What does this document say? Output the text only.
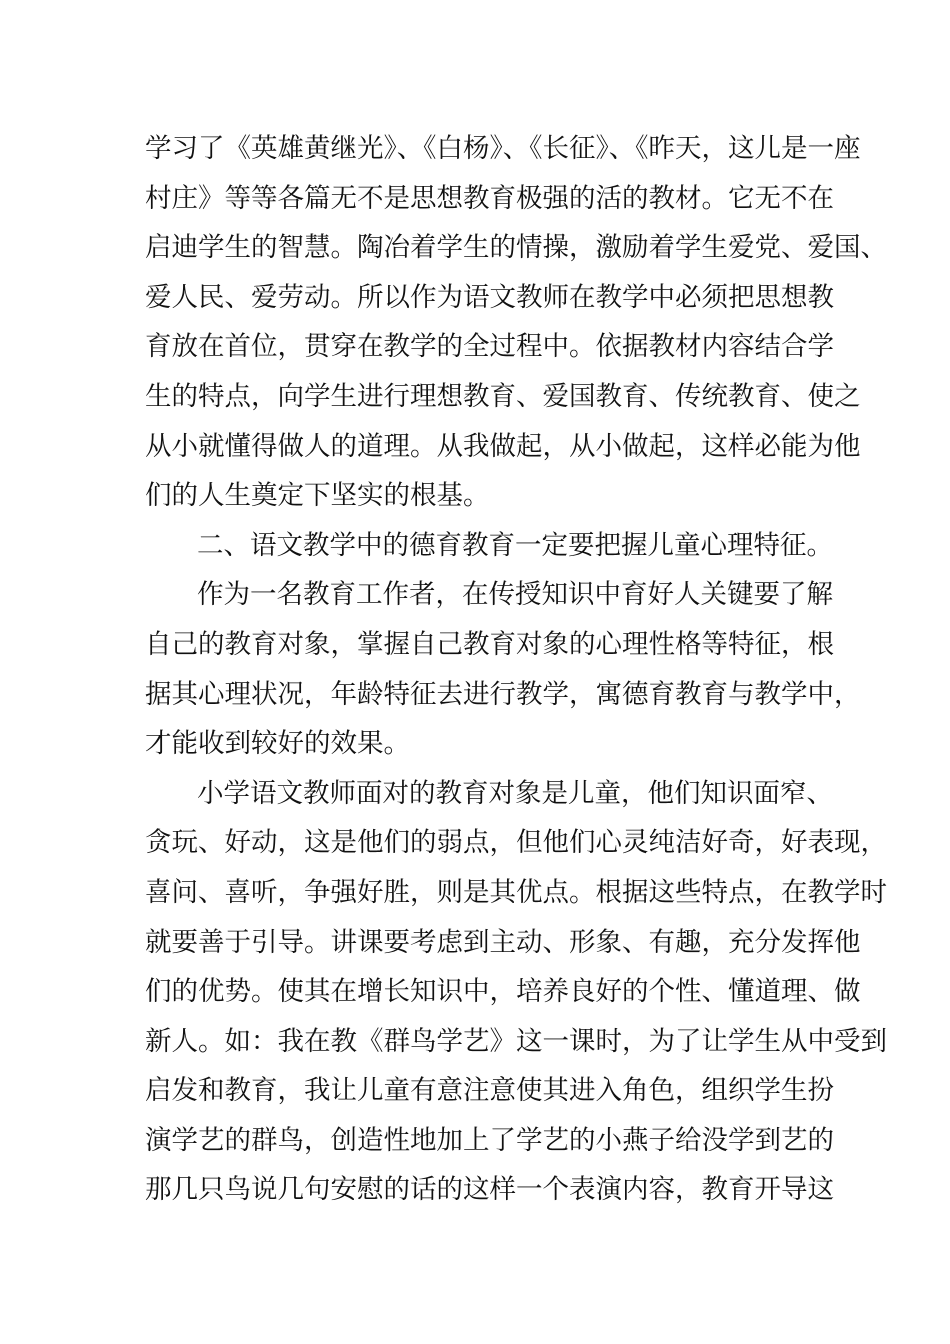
学习了《英雄黄继光》、《白杨》、《长征》、《昨天，这儿是一座
村庄》等等各篇无不是思想教育极强的活的教材。它无不在
启迪学生的智慧。陶冶着学生的情操，激励着学生爱党、爱国、
爱人民、爱劳动。所以作为语文教师在教学中必须把思想教
育放在首位，贯穿在教学的全过程中。依据教材内容结合学
生的特点，向学生进行理想教育、爱国教育、传统教育、使之
从小就懂得做人的道理。从我做起，从小做起，这样必能为他
们的人生奠定下坚实的根基。
二、语文教学中的德育教育一定要把握儿童心理特征。
作为一名教育工作者，在传授知识中育好人关键要了解
自己的教育对象，掌握自己教育对象的心理性格等特征，根
据其心理状况，年龄特征去进行教学，寓德育教育与教学中，
才能收到较好的效果。
小学语文教师面对的教育对象是儿童，他们知识面窄、
贪玩、好动，这是他们的弱点，但他们心灵纯洁好奇，好表现，
喜问、喜听，争强好胜，则是其优点。根据这些特点，在教学时
就要善于引导。讲课要考虑到主动、形象、有趣，充分发挥他
们的优势。使其在增长知识中，培养良好的个性、懂道理、做
新人。如：我在教《群鸟学艺》这一课时，为了让学生从中受到
启发和教育，我让儿童有意注意使其进入角色，组织学生扮
演学艺的群鸟，创造性地加上了学艺的小燕子给没学到艺的
那几只鸟说几句安慰的话的这样一个表演内容，教育开导这
